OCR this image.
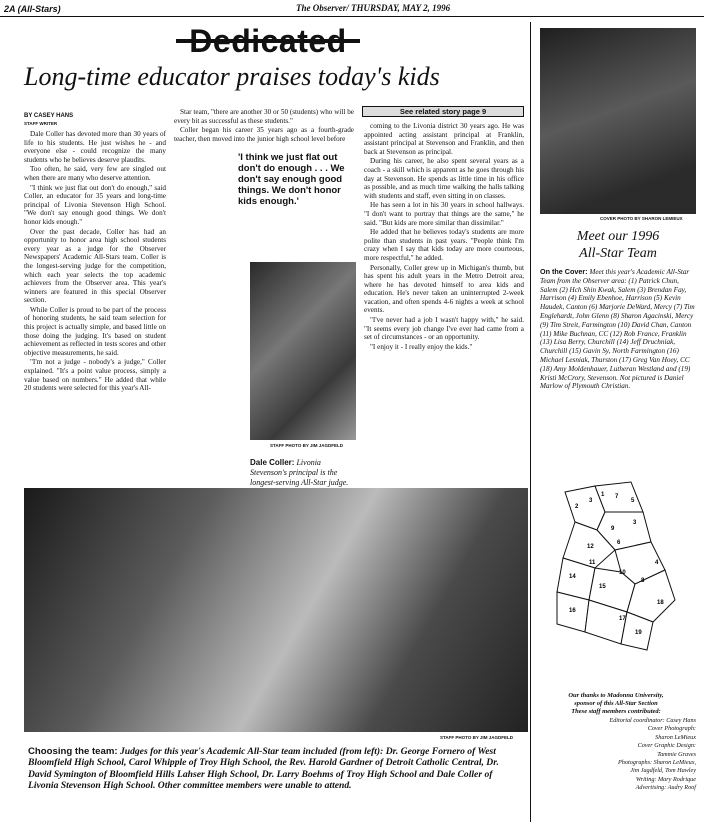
2A (All-Stars)	The Observer/ THURSDAY, MAY 2, 1996
Dedicated
Long-time educator praises today's kids
BY CASEY HANS
STAFF WRITER

Dale Coller has devoted more than 30 years of life to his students. He just wishes he - and everyone else - could recognize the many students who he believes deserve plaudits.

Too often, he said, very few are singled out when there are many who deserve attention.

"I think we just flat out don't do enough," said Coller, an educator for 35 years and long-time principal of Livonia Stevenson High School. "We don't say enough good things. We don't honor kids enough."

Over the past decade, Coller has had an opportunity to honor area high school students every year as a judge for the Observer Newspapers' Academic All-Stars team. Coller is the longest-serving judge for the competition, which each year selects the top academic achievers from the Observer area. This year's winners are featured in this special Observer section.

While Coller is proud to be part of the process of honoring students, he said team selection for this project is actually simple, and based little on those doing the judging. It's based on student achievement as reflected in tests scores and other objective measurements, he said.

"I'm not a judge - nobody's a judge," Coller explained. "It's a point value process, simply a value based on numbers." He added that while 20 students were selected for this year's All-

Star team, "there are another 30 or 50 (students) who will be every bit as successful as these students."

Coller began his career 35 years ago as a fourth-grade teacher, then moved into the junior high school level before

'I think we just flat out don't do enough . . . We don't say enough good things. We don't honor kids enough.'
STAFF PHOTO BY JIM JAGDFELD
Dale Coller: Livonia Stevenson's principal is the longest-serving All-Star judge.
See related story page 9

coming to the Livonia district 30 years ago. He was appointed acting assistant principal at Franklin, assistant principal at Stevenson and Franklin, and then back at Stevenson as principal.

During his career, he also spent several years as a coach - a skill which is apparent as he goes through his day at Stevenson. He spends as little time in his office as possible, and as much time walking the halls talking with students and staff, even sitting in on classes.

He has seen a lot in his 30 years in school hallways. "I don't want to portray that things are the same," he said. "But kids are more similar than dissimilar."

He added that he believes today's students are more polite than students in past years. "People think I'm crazy when I say that kids today are more courteous, more respectful," he added.

Personally, Coller grew up in Michigan's thumb, but has spent his adult years in the Metro Detroit area, where he has devoted himself to area kids and education. He's never taken an uninterrupted 2-week vacation, and often spends 4-6 nights a week at school events.

"I've never had a job I wasn't happy with," he said. "It seems every job change I've ever had came from a set of circumstances - or an opportunity.

"I enjoy it - I really enjoy the kids."

COVER PHOTO BY SHARON LEMIEUX
Meet our 1996
All-Star Team
On the Cover: Meet this year's Academic All-Star Team from the Observer area: (1) Patrick Chun, Salem (2) Hch Shin Kwak, Salem (3) Brendan Fay, Harrison (4) Emily Ebenhoe, Harrison (5) Kevin Haudek, Canton (6) Marjorie DeWard, Mercy (7) Tim Englehardt, John Glenn (8) Sharon Agacinski, Mercy (9) Tim Streit, Farmington (10) David Chan, Canton (11) Mike Buchnan, CC (12) Rob France, Franklin (13) Lisa Berry, Churchill (14) Jeff Druchniak, Churchill (15) Gavin Sy, North Farmington (16) Michael Lesniak, Thurston (17) Greg Van Hoey, CC (18) Amy Moldenhauer, Lutheran Westland and (19) Kristi McCrory, Stevenson. Not pictured is Daniel Marlow of Plymouth Christian.
2
3
1 7
5
3
9
6
12
11
14
10
8
4
15
17
16
19
18
STAFF PHOTO BY JIM JAGDFELD
Choosing the team: Judges for this year's Academic All-Star team included (from left): Dr. George Fornero of West Bloomfield High School, Carol Whipple of Troy High School, the Rev. Harold Gardner of Detroit Catholic Central, Dr. David Symington of Bloomfield Hills Lahser High School, Dr. Larry Boehms of Troy High School and Dale Coller of Livonia Stevenson High School. Other committee members were unable to attend.
Our thanks to Madonna University,
sponsor of this All-Star Section
These staff members contributed:
Editorial coordinator: Casey Hans
Cover Photograph:
Sharon LeMieux
Cover Graphic Design:
Tammie Graves
Photographs: Sharon LeMieux,
Jim Jagdfeld, Tom Hawley
Writing: Mary Rodrique
Advertising: Audry Roof
